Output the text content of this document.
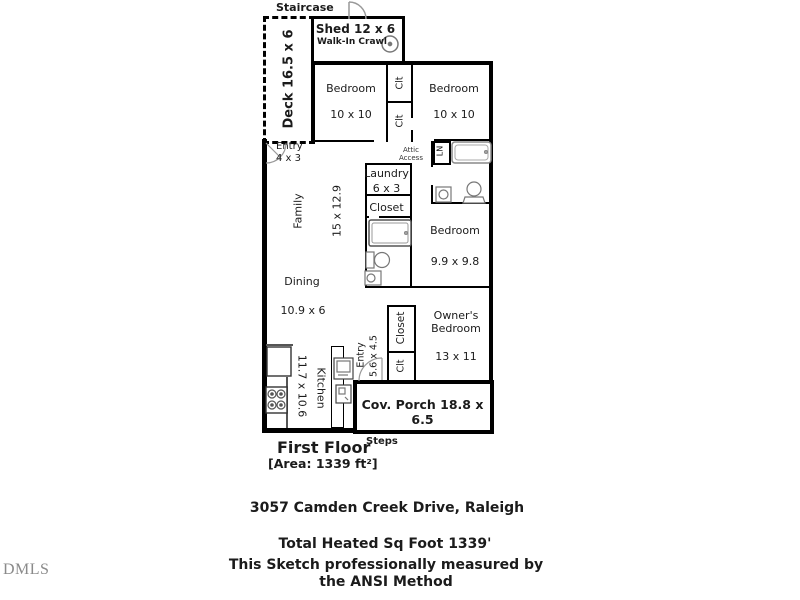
Staircase
Shed 12 x 6
Walk-In Crawl
Deck 16.5 x 6	Bedroom
10 x 10
Bedroom
10 x 10
Clt
Clt
Entry
4 x 3
Family 15 x 12.9
Attic Access
Laundry
6 x 3
Closet
LN
Bedroom
9.9 x 9.8
Dining
10.9 x 6
Kitchen
11.7 x 10.6	Entry 5.6 x 4.5
Closet
Clt
Owner's Bedroom
13 x 11
Cov. Porch 18.8 x 6.5
Steps
First Floor
[Area: 1339 ft²]
3057 Camden Creek Drive, Raleigh
Total Heated Sq Foot 1339'
This Sketch professionally measured by the ANSI Method
DMLS
